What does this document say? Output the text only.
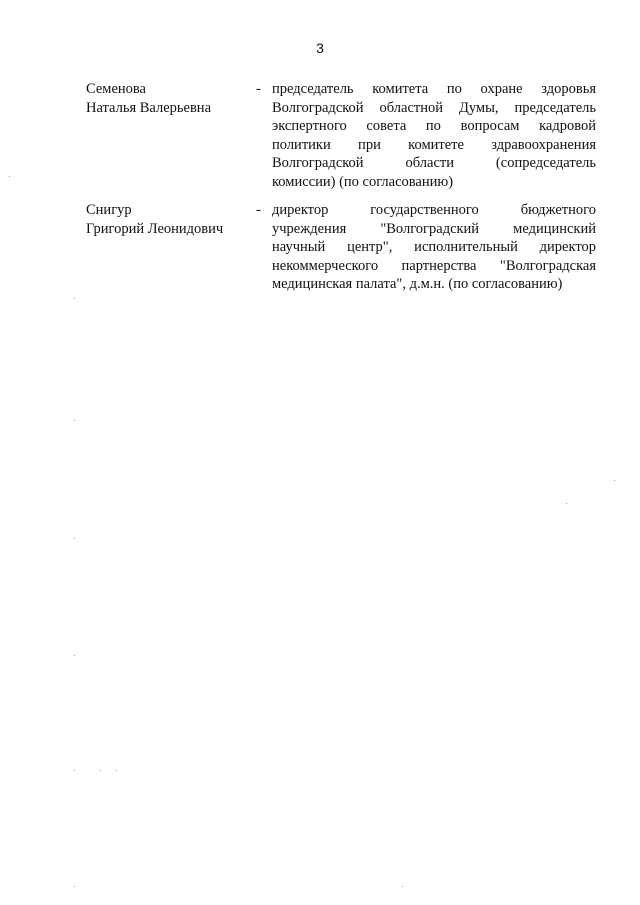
3
Семенова
Наталья Валерьевна
- председатель комитета по охране здоровья
Волгоградской областной Думы, председатель
экспертного совета по вопросам кадровой
политики при комитете здравоохранения
Волгоградской области (сопредседатель
комиссии) (по согласованию)
Снигур
Григорий Леонидович
- директор государственного бюджетного
учреждения "Волгоградский медицинский
научный центр", исполнительный директор
некоммерческого партнерства "Волгоградская
медицинская палата", д.м.н. (по согласованию)
